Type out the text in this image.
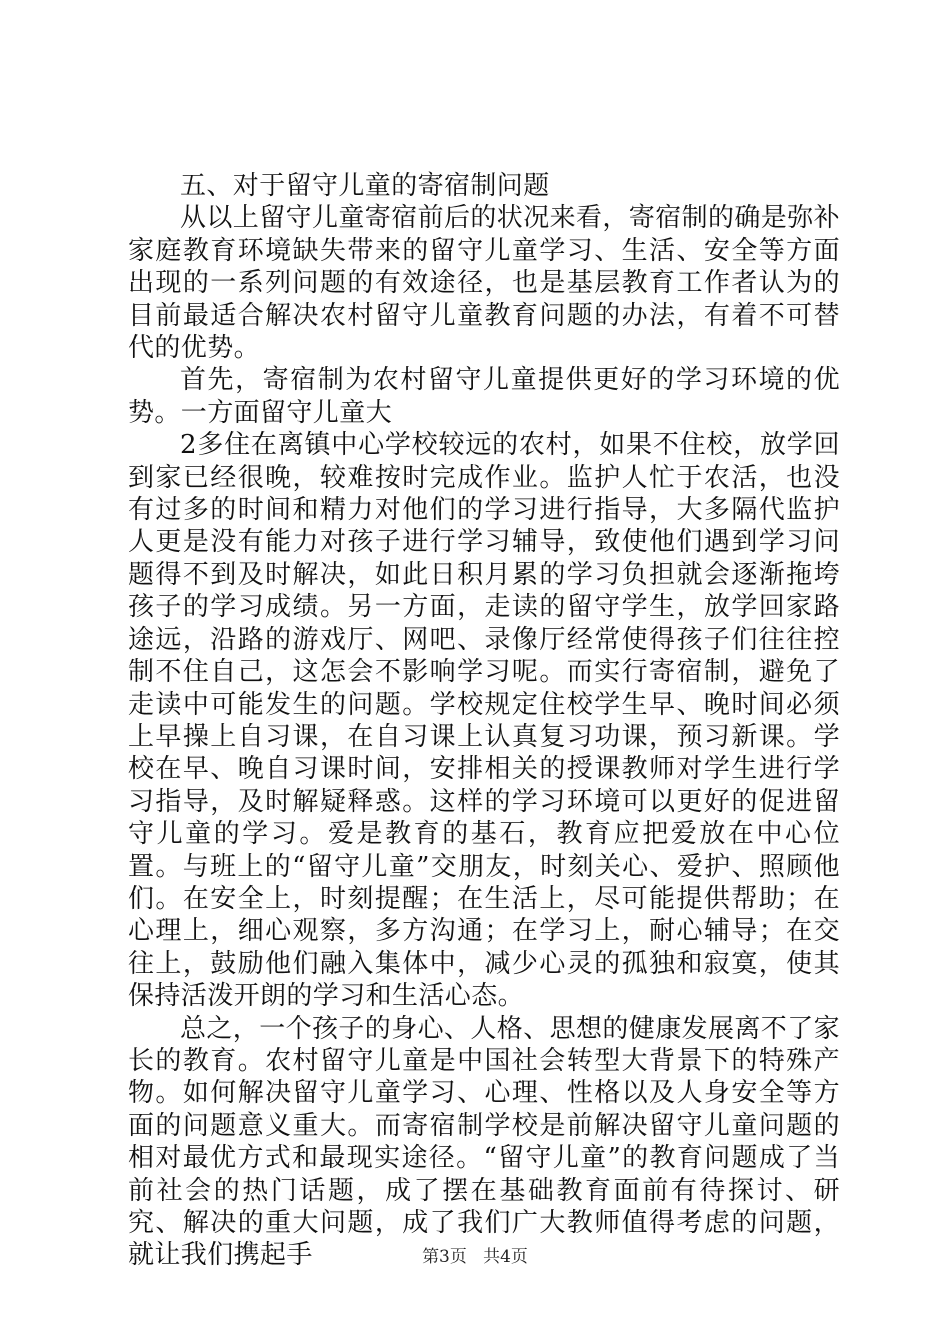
五、对于留守儿童的寄宿制问题

从以上留守儿童寄宿前后的状况来看，寄宿制的确是弥补家庭教育环境缺失带来的留守儿童学习、生活、安全等方面出现的一系列问题的有效途径，也是基层教育工作者认为的目前最适合解决农村留守儿童教育问题的办法，有着不可替代的优势。

首先，寄宿制为农村留守儿童提供更好的学习环境的优势。一方面留守儿童大

2多住在离镇中心学校较远的农村，如果不住校，放学回到家已经很晚，较难按时完成作业。监护人忙于农活，也没有过多的时间和精力对他们的学习进行指导，大多隔代监护人更是没有能力对孩子进行学习辅导，致使他们遇到学习问题得不到及时解决，如此日积月累的学习负担就会逐渐拖垮孩子的学习成绩。另一方面，走读的留守学生，放学回家路途远，沿路的游戏厅、网吧、录像厅经常使得孩子们往往控制不住自己，这怎会不影响学习呢。而实行寄宿制，避免了走读中可能发生的问题。学校规定住校学生早、晚时间必须上早操上自习课，在自习课上认真复习功课，预习新课。学校在早、晚自习课时间，安排相关的授课教师对学生进行学习指导，及时解疑释惑。这样的学习环境可以更好的促进留守儿童的学习。爱是教育的基石，教育应把爱放在中心位置。与班上的“留守儿童”交朋友，时刻关心、爱护、照顾他们。在安全上，时刻提醒；在生活上，尽可能提供帮助；在心理上，细心观察，多方沟通；在学习上，耐心辅导；在交往上，鼓励他们融入集体中，减少心灵的孤独和寂寞，使其保持活泼开朗的学习和生活心态。

总之，一个孩子的身心、人格、思想的健康发展离不了家长的教育。农村留守儿童是中国社会转型大背景下的特殊产物。如何解决留守儿童学习、心理、性格以及人身安全等方面的问题意义重大。而寄宿制学校是前解决留守儿童问题的相对最优方式和最现实途径。“留守儿童”的教育问题成了当前社会的热门话题，成了摆在基础教育面前有待探讨、研究、解决的重大问题，成了我们广大教师值得考虑的问题，就让我们携起手	第3页 共4页
